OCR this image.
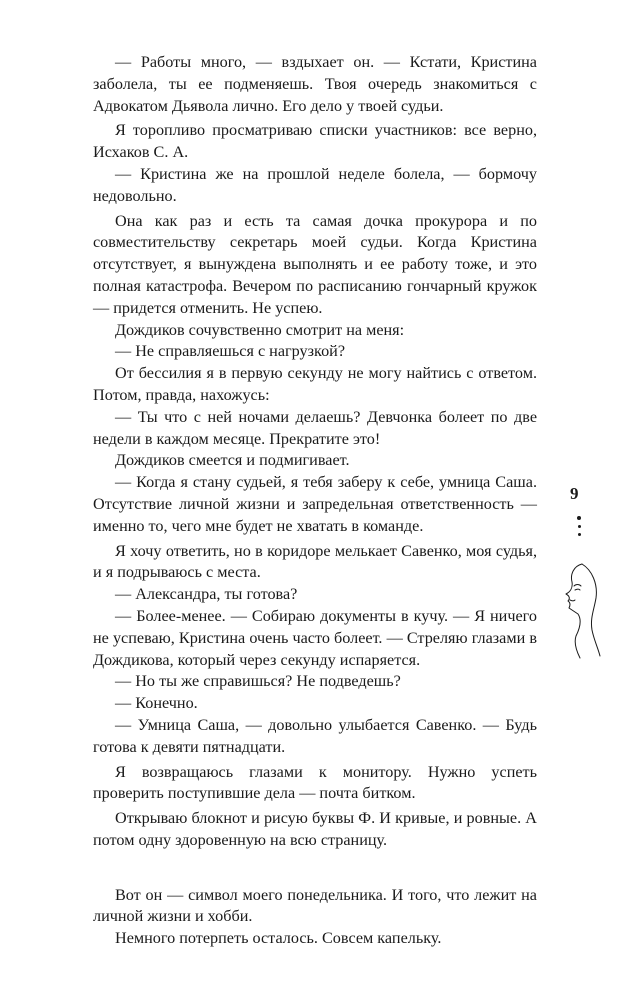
— Работы много, — вздыхает он. — Кстати, Кристина заболела, ты ее подменяешь. Твоя очередь знакомиться с Адвокатом Дьявола лично. Его дело у твоей судьи.

Я торопливо просматриваю списки участников: все верно, Исхаков С. А.

— Кристина же на прошлой неделе болела, — бормочу недовольно.

Она как раз и есть та самая дочка прокурора и по совместительству секретарь моей судьи. Когда Кристина отсутствует, я вынуждена выполнять и ее работу тоже, и это полная катастрофа. Вечером по расписанию гончарный кружок — придется отменить. Не успею.

Дождиков сочувственно смотрит на меня:

— Не справляешься с нагрузкой?

От бессилия я в первую секунду не могу найтись с ответом. Потом, правда, нахожусь:

— Ты что с ней ночами делаешь? Девчонка болеет по две недели в каждом месяце. Прекратите это!

Дождиков смеется и подмигивает.

— Когда я стану судьей, я тебя заберу к себе, умница Саша. Отсутствие личной жизни и запредельная ответственность — именно то, чего мне будет не хватать в команде.

Я хочу ответить, но в коридоре мелькает Савенко, моя судья, и я подрываюсь с места.

— Александра, ты готова?

— Более-менее. — Собираю документы в кучу. — Я ничего не успеваю, Кристина очень часто болеет. — Стреляю глазами в Дождикова, который через секунду испаряется.

— Но ты же справишься? Не подведешь?

— Конечно.

— Умница Саша, — довольно улыбается Савенко. — Будь готова к девяти пятнадцати.

Я возвращаюсь глазами к монитору. Нужно успеть проверить поступившие дела — почта битком.

Открываю блокнот и рисую буквы Ф. И кривые, и ровные. А потом одну здоровенную на всю страницу.

Вот он — символ моего понедельника. И того, что лежит на личной жизни и хобби.

Немного потерпеть осталось. Совсем капельку.

9
